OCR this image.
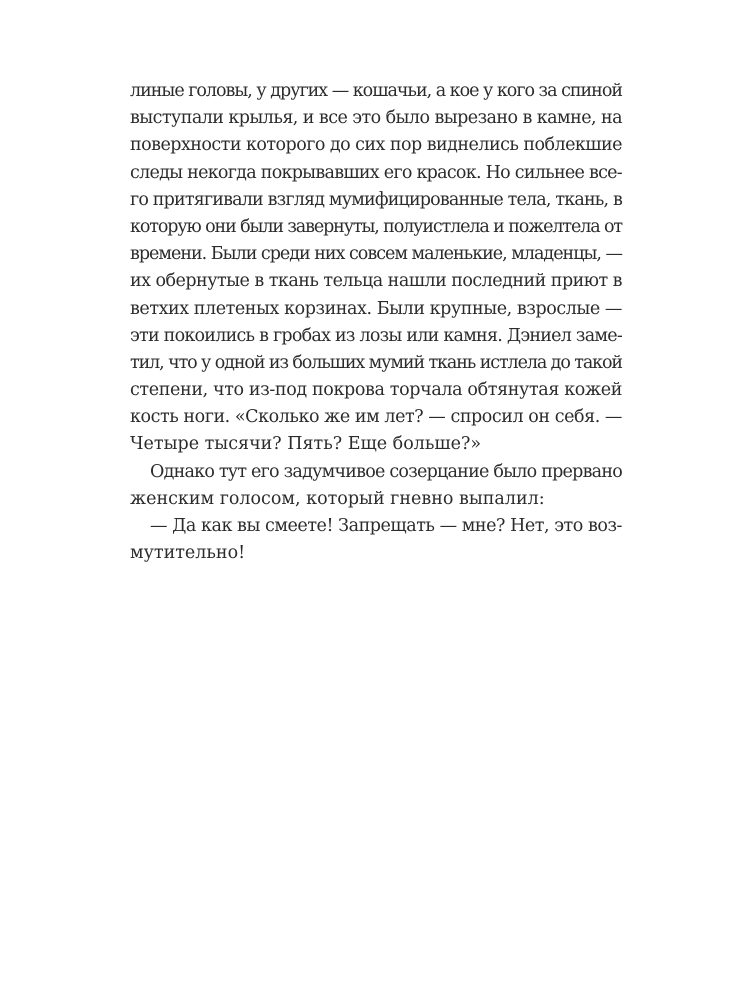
линые головы, у других — кошачьи, а кое у кого за спиной
выступали крылья, и все это было вырезано в камне, на
поверхности которого до сих пор виднелись поблекшие
следы некогда покрывавших его красок. Но сильнее все-
го притягивали взгляд мумифицированные тела, ткань, в
которую они были завернуты, полуистлела и пожелтела от
времени. Были среди них совсем маленькие, младенцы, —
их обернутые в ткань тельца нашли последний приют в
ветхих плетеных корзинах. Были крупные, взрослые —
эти покоились в гробах из лозы или камня. Дэниел заме-
тил, что у одной из больших мумий ткань истлела до такой
степени, что из-под покрова торчала обтянутая кожей
кость ноги. «Сколько же им лет? — спросил он себя. —
Четыре тысячи? Пять? Еще больше?»
Однако тут его задумчивое созерцание было прервано
женским голосом, который гневно выпалил:
— Да как вы смеете! Запрещать — мне? Нет, это воз-
мутительно!
